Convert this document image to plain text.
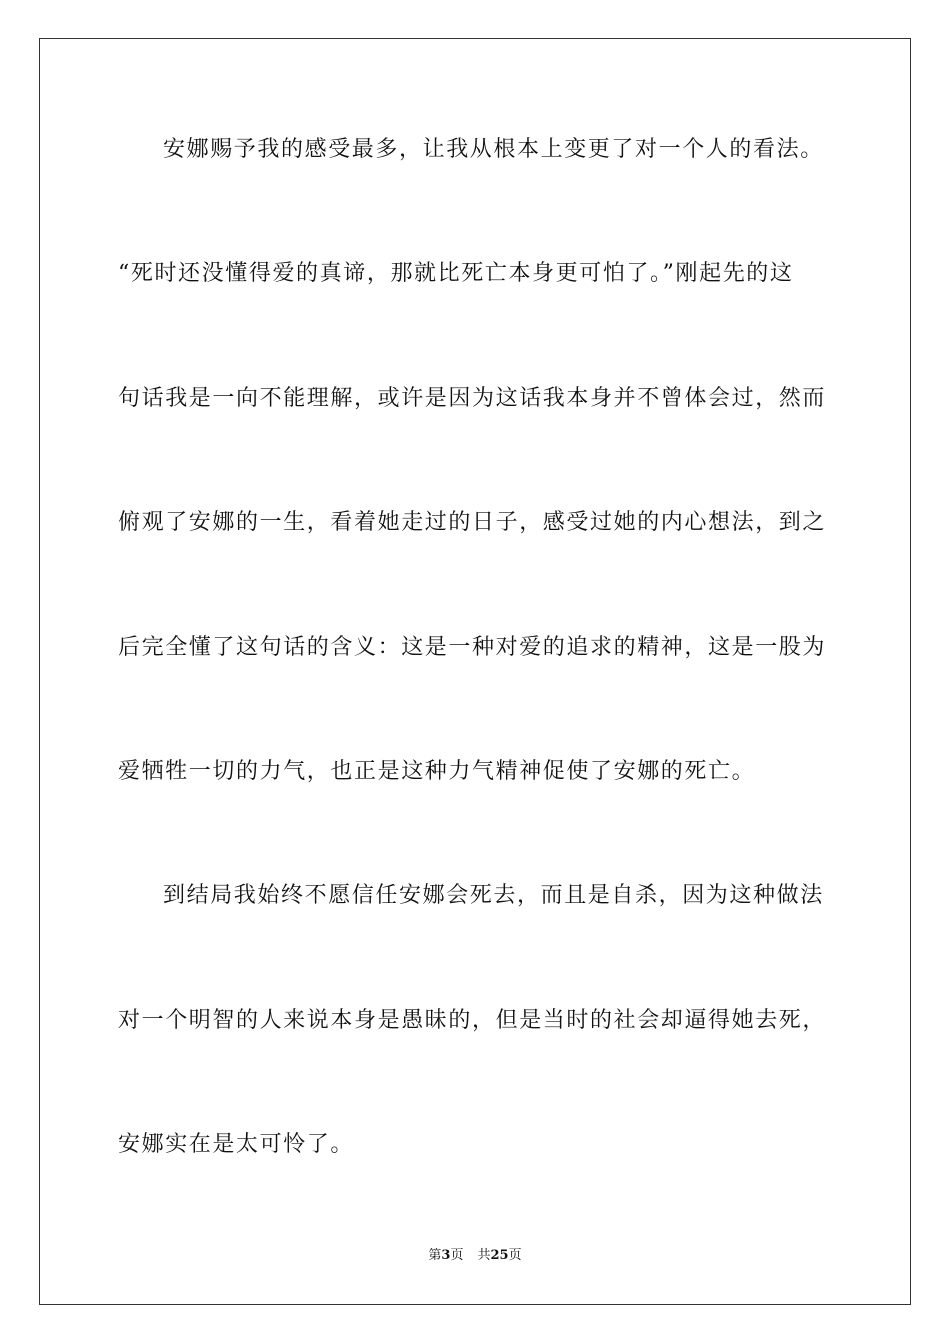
安娜赐予我的感受最多，让我从根本上变更了对一个人的看法。
“死时还没懂得爱的真谛，那就比死亡本身更可怕了。”刚起先的这
句话我是一向不能理解，或许是因为这话我本身并不曾体会过，然而
俯观了安娜的一生，看着她走过的日子，感受过她的内心想法，到之
后完全懂了这句话的含义：这是一种对爱的追求的精神，这是一股为
爱牺牲一切的力气，也正是这种力气精神促使了安娜的死亡。
到结局我始终不愿信任安娜会死去，而且是自杀，因为这种做法
对一个明智的人来说本身是愚昧的，但是当时的社会却逼得她去死，
安娜实在是太可怜了。
第3页 共25页
